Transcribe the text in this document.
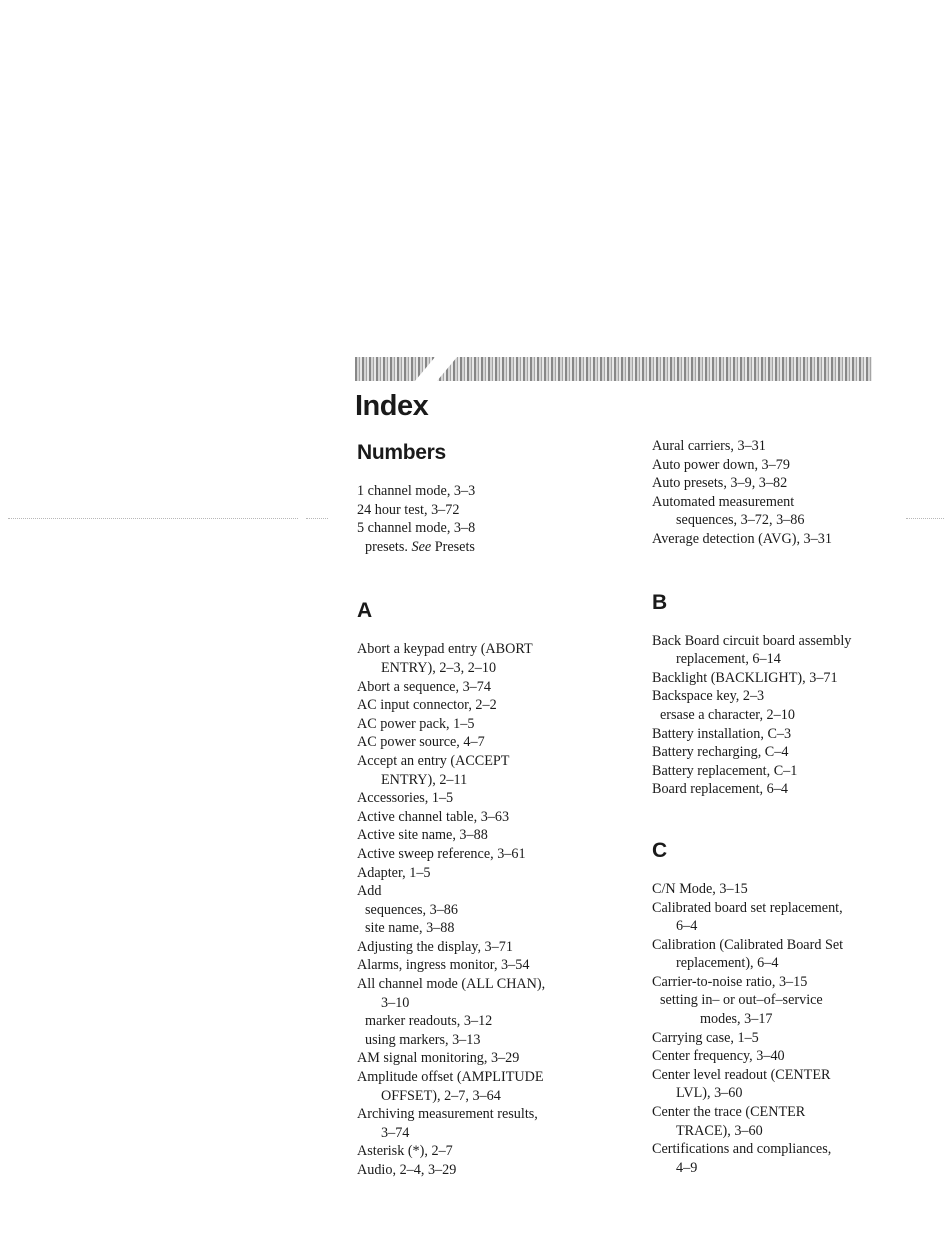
Index
Numbers
1 channel mode, 3–3
24 hour test, 3–72
5 channel mode, 3–8
presets. See Presets
A
Abort a keypad entry (ABORT
ENTRY), 2–3, 2–10
Abort a sequence, 3–74
AC input connector, 2–2
AC power pack, 1–5
AC power source, 4–7
Accept an entry (ACCEPT
ENTRY), 2–11
Accessories, 1–5
Active channel table, 3–63
Active site name, 3–88
Active sweep reference, 3–61
Adapter, 1–5
Add
sequences, 3–86
site name, 3–88
Adjusting the display, 3–71
Alarms, ingress monitor, 3–54
All channel mode (ALL CHAN),
3–10
marker readouts, 3–12
using markers, 3–13
AM signal monitoring, 3–29
Amplitude offset (AMPLITUDE
OFFSET), 2–7, 3–64
Archiving measurement results,
3–74
Asterisk (*), 2–7
Audio, 2–4, 3–29
Aural carriers, 3–31
Auto power down, 3–79
Auto presets, 3–9, 3–82
Automated measurement
sequences, 3–72, 3–86
Average detection (AVG), 3–31
B
Back Board circuit board assembly
replacement, 6–14
Backlight (BACKLIGHT), 3–71
Backspace key, 2–3
ersase a character, 2–10
Battery installation, C–3
Battery recharging, C–4
Battery replacement, C–1
Board replacement, 6–4
C
C/N Mode, 3–15
Calibrated board set replacement,
6–4
Calibration (Calibrated Board Set
replacement), 6–4
Carrier-to-noise ratio, 3–15
setting in– or out–of–service
modes, 3–17
Carrying case, 1–5
Center frequency, 3–40
Center level readout (CENTER
LVL), 3–60
Center the trace (CENTER
TRACE), 3–60
Certifications and compliances,
4–9
